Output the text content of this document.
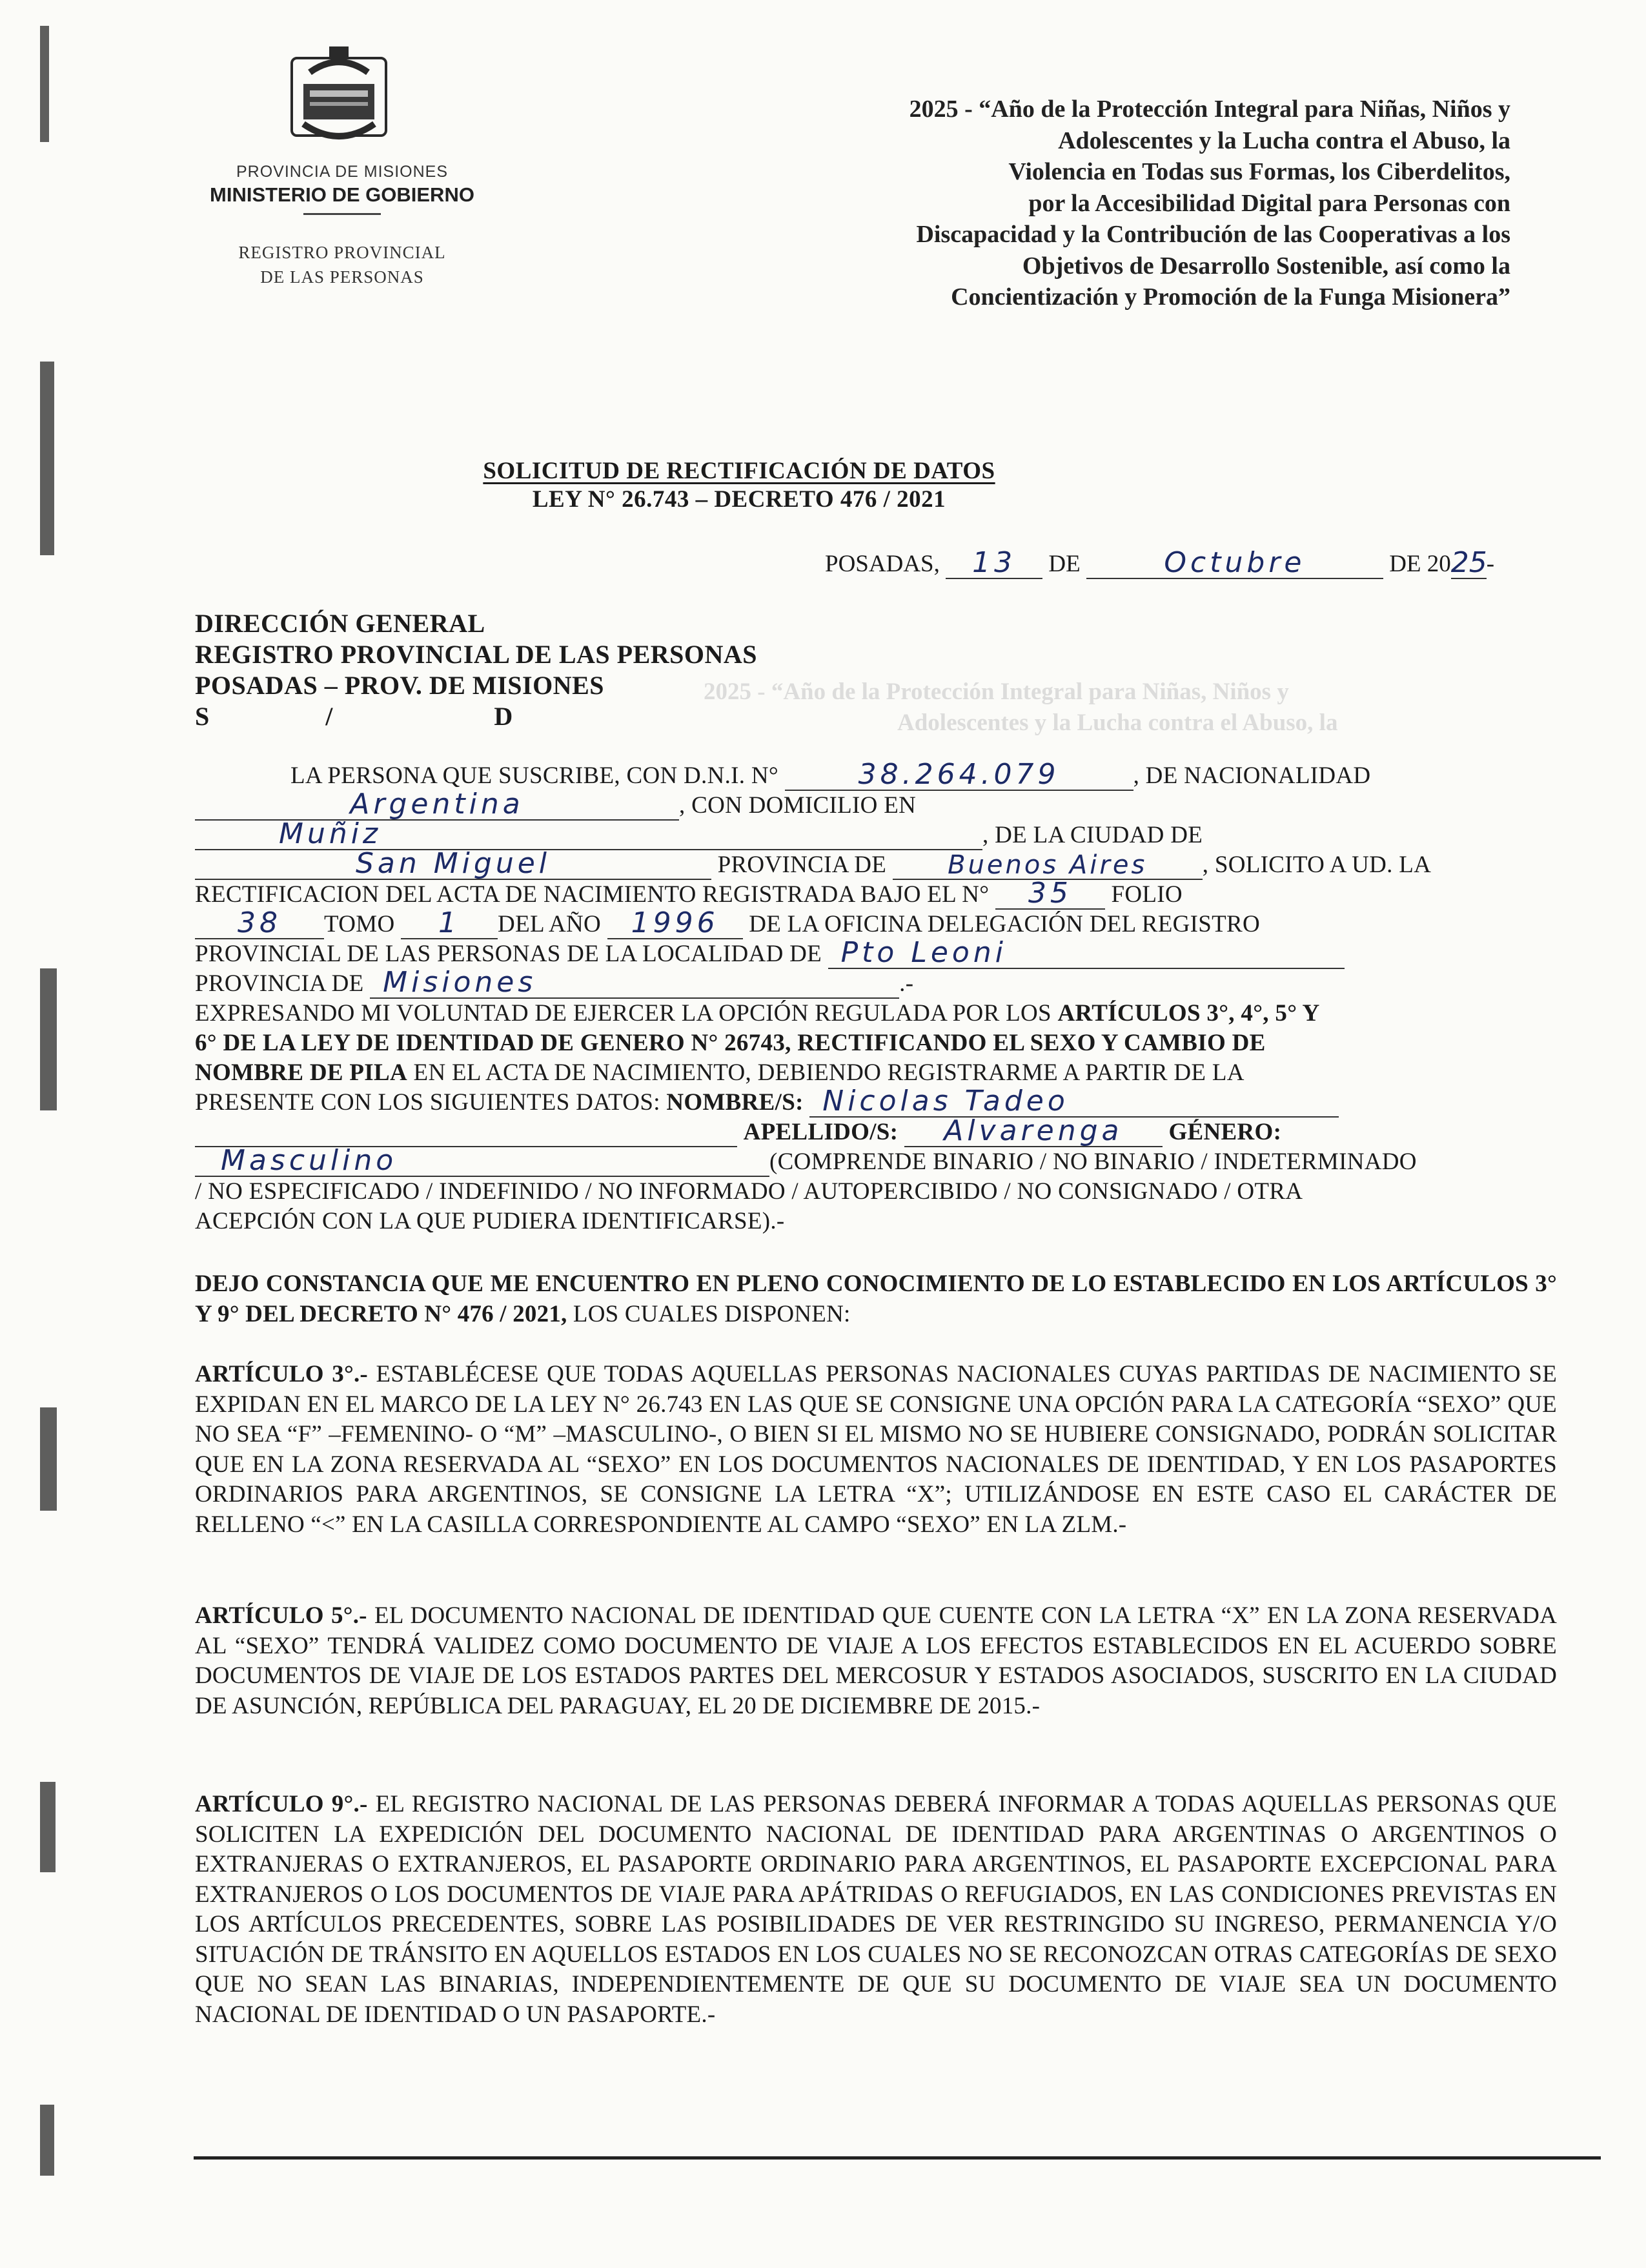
2025 - “Año de la Protección Integral para Niñas, Niños y
Adolescentes y la Lucha contra el Abuso, la
PROVINCIA DE MISIONES
MINISTERIO DE GOBIERNO
REGISTRO PROVINCIAL
DE LAS PERSONAS
2025 - “Año de la Protección Integral para Niñas, Niños y
Adolescentes y la Lucha contra el Abuso, la
Violencia en Todas sus Formas, los Ciberdelitos,
por la Accesibilidad Digital para Personas con
Discapacidad y la Contribución de las Cooperativas a los
Objetivos de Desarrollo Sostenible, así como la
Concientización y Promoción de la Funga Misionera”
SOLICITUD DE RECTIFICACIÓN DE DATOS
LEY N° 26.743 – DECRETO 476 / 2021
POSADAS,	13	DE	Octubre	DE 20 25 -
DIRECCIÓN GENERAL
REGISTRO PROVINCIAL DE LAS PERSONAS
POSADAS – PROV. DE MISIONES
S	/	D
LA PERSONA QUE SUSCRIBE, CON D.N.I. N°	38.264.079	, DE NACIONALIDAD
Argentina	, CON DOMICILIO EN
Muñiz	, DE LA CIUDAD DE
San Miguel	PROVINCIA DE	Buenos Aires	, SOLICITO A UD. LA
RECTIFICACION DEL ACTA DE NACIMIENTO REGISTRADA BAJO EL N°	35	FOLIO
38	TOMO	1	DEL AÑO	1996	DE LA OFICINA DELEGACIÓN DEL REGISTRO
PROVINCIAL DE LAS PERSONAS DE LA LOCALIDAD DE Pto Leoni

PROVINCIA DE Misiones	.-
EXPRESANDO MI VOLUNTAD DE EJERCER LA OPCIÓN REGULADA POR LOS ARTÍCULOS 3°, 4°, 5° Y
6° DE LA LEY DE IDENTIDAD DE GENERO N° 26743, RECTIFICANDO EL SEXO Y CAMBIO DE
NOMBRE DE PILA EN EL ACTA DE NACIMIENTO, DEBIENDO REGISTRARME A PARTIR DE LA
PRESENTE CON LOS SIGUIENTES DATOS: NOMBRE/S: Nicolas Tadeo

APELLIDO/S:	Alvarenga	GÉNERO:
Masculino	(COMPRENDE BINARIO / NO BINARIO / INDETERMINADO
/ NO ESPECIFICADO / INDEFINIDO / NO INFORMADO / AUTOPERCIBIDO / NO CONSIGNADO / OTRA
ACEPCIÓN CON LA QUE PUDIERA IDENTIFICARSE).-
DEJO CONSTANCIA QUE ME ENCUENTRO EN PLENO CONOCIMIENTO DE LO ESTABLECIDO EN LOS ARTÍCULOS 3° Y 9° DEL DECRETO N° 476 / 2021, LOS CUALES DISPONEN:
ARTÍCULO 3°.- ESTABLÉCESE QUE TODAS AQUELLAS PERSONAS NACIONALES CUYAS PARTIDAS DE NACIMIENTO SE EXPIDAN EN EL MARCO DE LA LEY N° 26.743 EN LAS QUE SE CONSIGNE UNA OPCIÓN PARA LA CATEGORÍA “SEXO” QUE NO SEA “F” –FEMENINO- O “M” –MASCULINO-, O BIEN SI EL MISMO NO SE HUBIERE CONSIGNADO, PODRÁN SOLICITAR QUE EN LA ZONA RESERVADA AL “SEXO” EN LOS DOCUMENTOS NACIONALES DE IDENTIDAD, Y EN LOS PASAPORTES ORDINARIOS PARA ARGENTINOS, SE CONSIGNE LA LETRA “X”; UTILIZÁNDOSE EN ESTE CASO EL CARÁCTER DE RELLENO “<” EN LA CASILLA CORRESPONDIENTE AL CAMPO “SEXO” EN LA ZLM.-
ARTÍCULO 5°.- EL DOCUMENTO NACIONAL DE IDENTIDAD QUE CUENTE CON LA LETRA “X” EN LA ZONA RESERVADA AL “SEXO” TENDRÁ VALIDEZ COMO DOCUMENTO DE VIAJE A LOS EFECTOS ESTABLECIDOS EN EL ACUERDO SOBRE DOCUMENTOS DE VIAJE DE LOS ESTADOS PARTES DEL MERCOSUR Y ESTADOS ASOCIADOS, SUSCRITO EN LA CIUDAD DE ASUNCIÓN, REPÚBLICA DEL PARAGUAY, EL 20 DE DICIEMBRE DE 2015.-
ARTÍCULO 9°.- EL REGISTRO NACIONAL DE LAS PERSONAS DEBERÁ INFORMAR A TODAS AQUELLAS PERSONAS QUE SOLICITEN LA EXPEDICIÓN DEL DOCUMENTO NACIONAL DE IDENTIDAD PARA ARGENTINAS O ARGENTINOS O EXTRANJERAS O EXTRANJEROS, EL PASAPORTE ORDINARIO PARA ARGENTINOS, EL PASAPORTE EXCEPCIONAL PARA EXTRANJEROS O LOS DOCUMENTOS DE VIAJE PARA APÁTRIDAS O REFUGIADOS, EN LAS CONDICIONES PREVISTAS EN LOS ARTÍCULOS PRECEDENTES, SOBRE LAS POSIBILIDADES DE VER RESTRINGIDO SU INGRESO, PERMANENCIA Y/O SITUACIÓN DE TRÁNSITO EN AQUELLOS ESTADOS EN LOS CUALES NO SE RECONOZCAN OTRAS CATEGORÍAS DE SEXO QUE NO SEAN LAS BINARIAS, INDEPENDIENTEMENTE DE QUE SU DOCUMENTO DE VIAJE SEA UN DOCUMENTO NACIONAL DE IDENTIDAD O UN PASAPORTE.-
